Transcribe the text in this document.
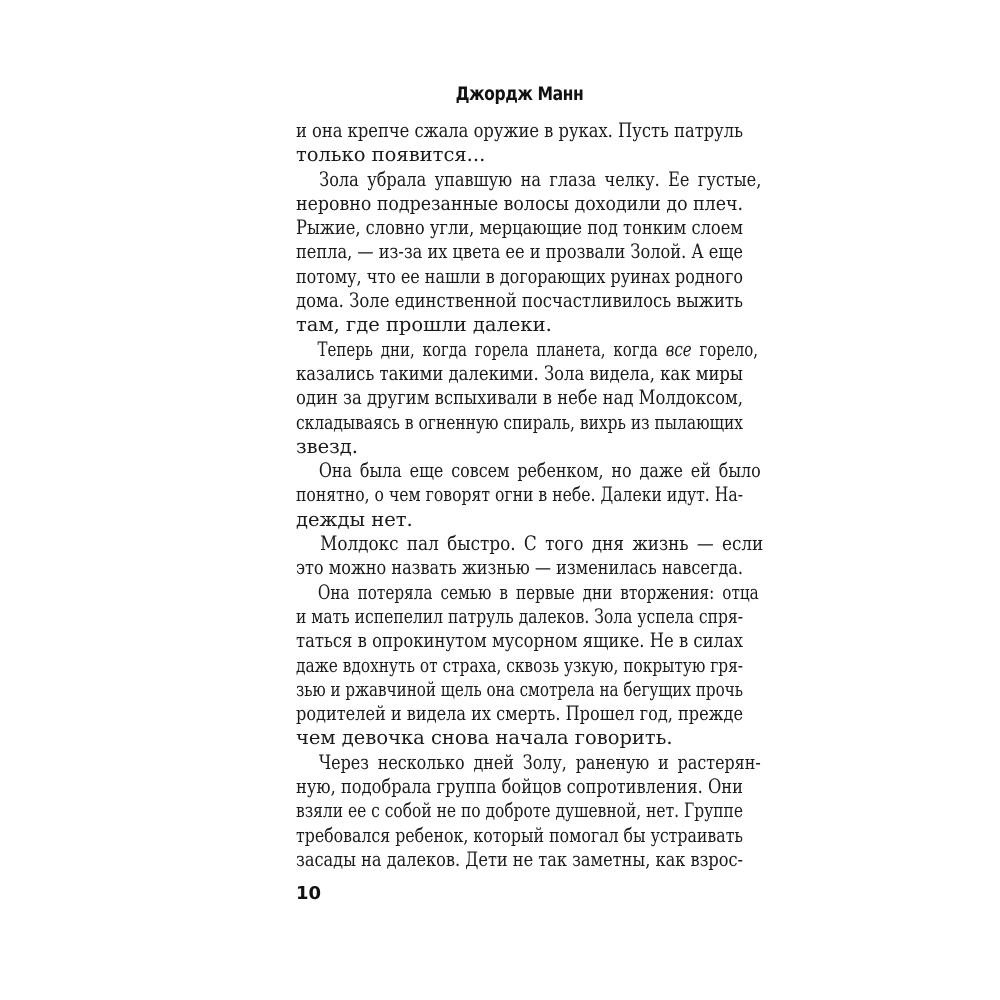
Джордж Манн
и она крепче сжала оружие в руках. Пусть патруль
только появится...
Зола убрала упавшую на глаза челку. Ее густые,
неровно подрезанные волосы доходили до плеч.
Рыжие, словно угли, мерцающие под тонким слоем
пепла, — из-за их цвета ее и прозвали Золой. А еще
потому, что ее нашли в догорающих руинах родного
дома. Золе единственной посчастливилось выжить
там, где прошли далеки.
Теперь дни, когда горела планета, когда все горело,
казались такими далекими. Зола видела, как миры
один за другим вспыхивали в небе над Молдоксом,
складываясь в огненную спираль, вихрь из пылающих
звезд.
Она была еще совсем ребенком, но даже ей было
понятно, о чем говорят огни в небе. Далеки идут. На-
дежды нет.
Молдокс пал быстро. С того дня жизнь — если
это можно назвать жизнью — изменилась навсегда.
Она потеряла семью в первые дни вторжения: отца
и мать испепелил патруль далеков. Зола успела спря-
таться в опрокинутом мусорном ящике. Не в силах
даже вдохнуть от страха, сквозь узкую, покрытую гря-
зью и ржавчиной щель она смотрела на бегущих прочь
родителей и видела их смерть. Прошел год, прежде
чем девочка снова начала говорить.
Через несколько дней Золу, раненую и растерян-
ную, подобрала группа бойцов сопротивления. Они
взяли ее с собой не по доброте душевной, нет. Группе
требовался ребенок, который помогал бы устраивать
засады на далеков. Дети не так заметны, как взрос-
10
